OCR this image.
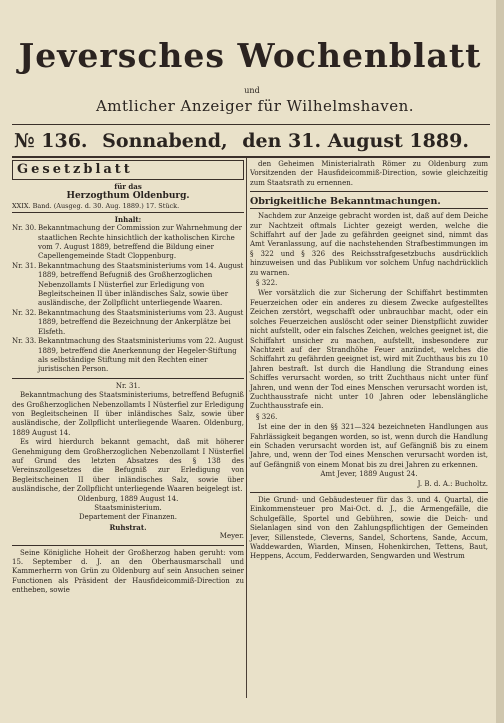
Jeversches Wochenblatt
und
Amtlicher Anzeiger für Wilhelmshaven.
№ 136. Sonnabend, den 31. August 1889.
Gesetzblatt
für das
Herzogthum Oldenburg.
XXIX. Band. (Ausgeg. d. 30. Aug. 1889.) 17. Stück.
Inhalt:
Nr. 30. Bekanntmachung der Commission zur Wahrnehmung der staatlichen Rechte hinsichtlich der katholischen Kirche vom 7. August 1889, betreffend die Bildung einer Capellengemeinde Stadt Cloppenburg.
Nr. 31. Bekanntmachung des Staatsministeriums vom 14. August 1889, betreffend Befugniß des Großherzoglichen Nebenzollamts I Nüsterfiel zur Erledigung von Begleitscheinen II über inländisches Salz, sowie über ausländische, der Zollpflicht unterliegende Waaren.
Nr. 32. Bekanntmachung des Staatsministeriums vom 23. August 1889, betreffend die Bezeichnung der Ankerplätze bei Elsfeth.
Nr. 33. Bekanntmachung des Staatsministeriums vom 22. August 1889, betreffend die Anerkennung der Hegeler-Stiftung als selbständige Stiftung mit den Rechten einer juristischen Person.
Nr. 31.

Bekanntmachung des Staatsministeriums, betreffend Befugniß des Großherzoglichen Nebenzollamts I Nüsterfiel zur Erledigung von Begleitscheinen II über inländisches Salz, sowie über ausländische, der Zollpflicht unterliegende Waaren. Oldenburg, 1889 August 14.

Es wird hierdurch bekannt gemacht, daß mit höherer Genehmigung dem Großherzoglichen Nebenzollamt I Nüsterfiel auf Grund des letzten Absatzes des § 138 des Vereinszollgesetzes die Befugniß zur Erledigung von Begleitscheinen II über inländisches Salz, sowie über ausländische, der Zollpflicht unterliegende Waaren beigelegt ist.

Oldenburg, 1889 August 14.
Staatsministerium.
Departement der Finanzen.
Ruhstrat.
Meyer.

Seine Königliche Hoheit der Großherzog haben geruht: vom 15. September d. J. an den Oberhausmarschall und Kammerherrn von Grün zu Oldenburg auf sein Ansuchen seiner Functionen als Präsident der Hausfideicommiß-Direction zu entheben, sowie

den Geheimen Ministerialrath Römer zu Oldenburg zum Vorsitzenden der Hausfideicommiß-Direction, sowie gleichzeitig zum Staatsrath zu ernennen.

Obrigkeitliche Bekanntmachungen.

Nachdem zur Anzeige gebracht worden ist, daß auf dem Deiche zur Nachtzeit oftmals Lichter gezeigt werden, welche die Schiffahrt auf der Jade zu gefährden geeignet sind, nimmt das Amt Veranlassung, auf die nachstehenden Strafbestimmungen im § 322 und § 326 des Reichsstrafgesetzbuchs ausdrücklich hinzuweisen und das Publikum vor solchem Unfug nachdrücklich zu warnen.

§ 322.

Wer vorsätzlich die zur Sicherung der Schiffahrt bestimmten Feuerzeichen oder ein anderes zu diesem Zwecke aufgestelltes Zeichen zerstört, wegschafft oder unbrauchbar macht, oder ein solches Feuerzeichen auslöscht oder seiner Dienstpflicht zuwider nicht aufstellt, oder ein falsches Zeichen, welches geeignet ist, die Schiffahrt unsicher zu machen, aufstellt, insbesondere zur Nachtzeit auf der Strandhöhe Feuer anzündet, welches die Schiffahrt zu gefährden geeignet ist, wird mit Zuchthaus bis zu 10 Jahren bestraft. Ist durch die Handlung die Strandung eines Schiffes verursacht worden, so tritt Zuchthaus nicht unter fünf Jahren, und wenn der Tod eines Menschen verursacht worden ist, Zuchthausstrafe nicht unter 10 Jahren oder lebenslängliche Zuchthausstrafe ein.

§ 326.

Ist eine der in den §§ 321—324 bezeichneten Handlungen aus Fahrlässigkeit begangen worden, so ist, wenn durch die Handlung ein Schaden verursacht worden ist, auf Gefängniß bis zu einem Jahre, und, wenn der Tod eines Menschen verursacht worden ist, auf Gefängniß von einem Monat bis zu drei Jahren zu erkennen.

Amt Jever, 1889 August 24.
J. B. d. A.: Bucholtz.

Die Grund- und Gebäudesteuer für das 3. und 4. Quartal, die Einkommensteuer pro Mai-Oct. d. J., die Armengefälle, die Schulgefälle, Sportel und Gebühren, sowie die Deich- und Sielanlagen sind von den Zahlungspflichtigen der Gemeinden Jever, Sillenstede, Cleverns, Sandel, Schortens, Sande, Accum, Waddewarden, Wiarden, Minsen, Hohenkirchen, Tettens, Baut, Heppens, Accum, Fedderwarden, Sengwarden und Westrum
